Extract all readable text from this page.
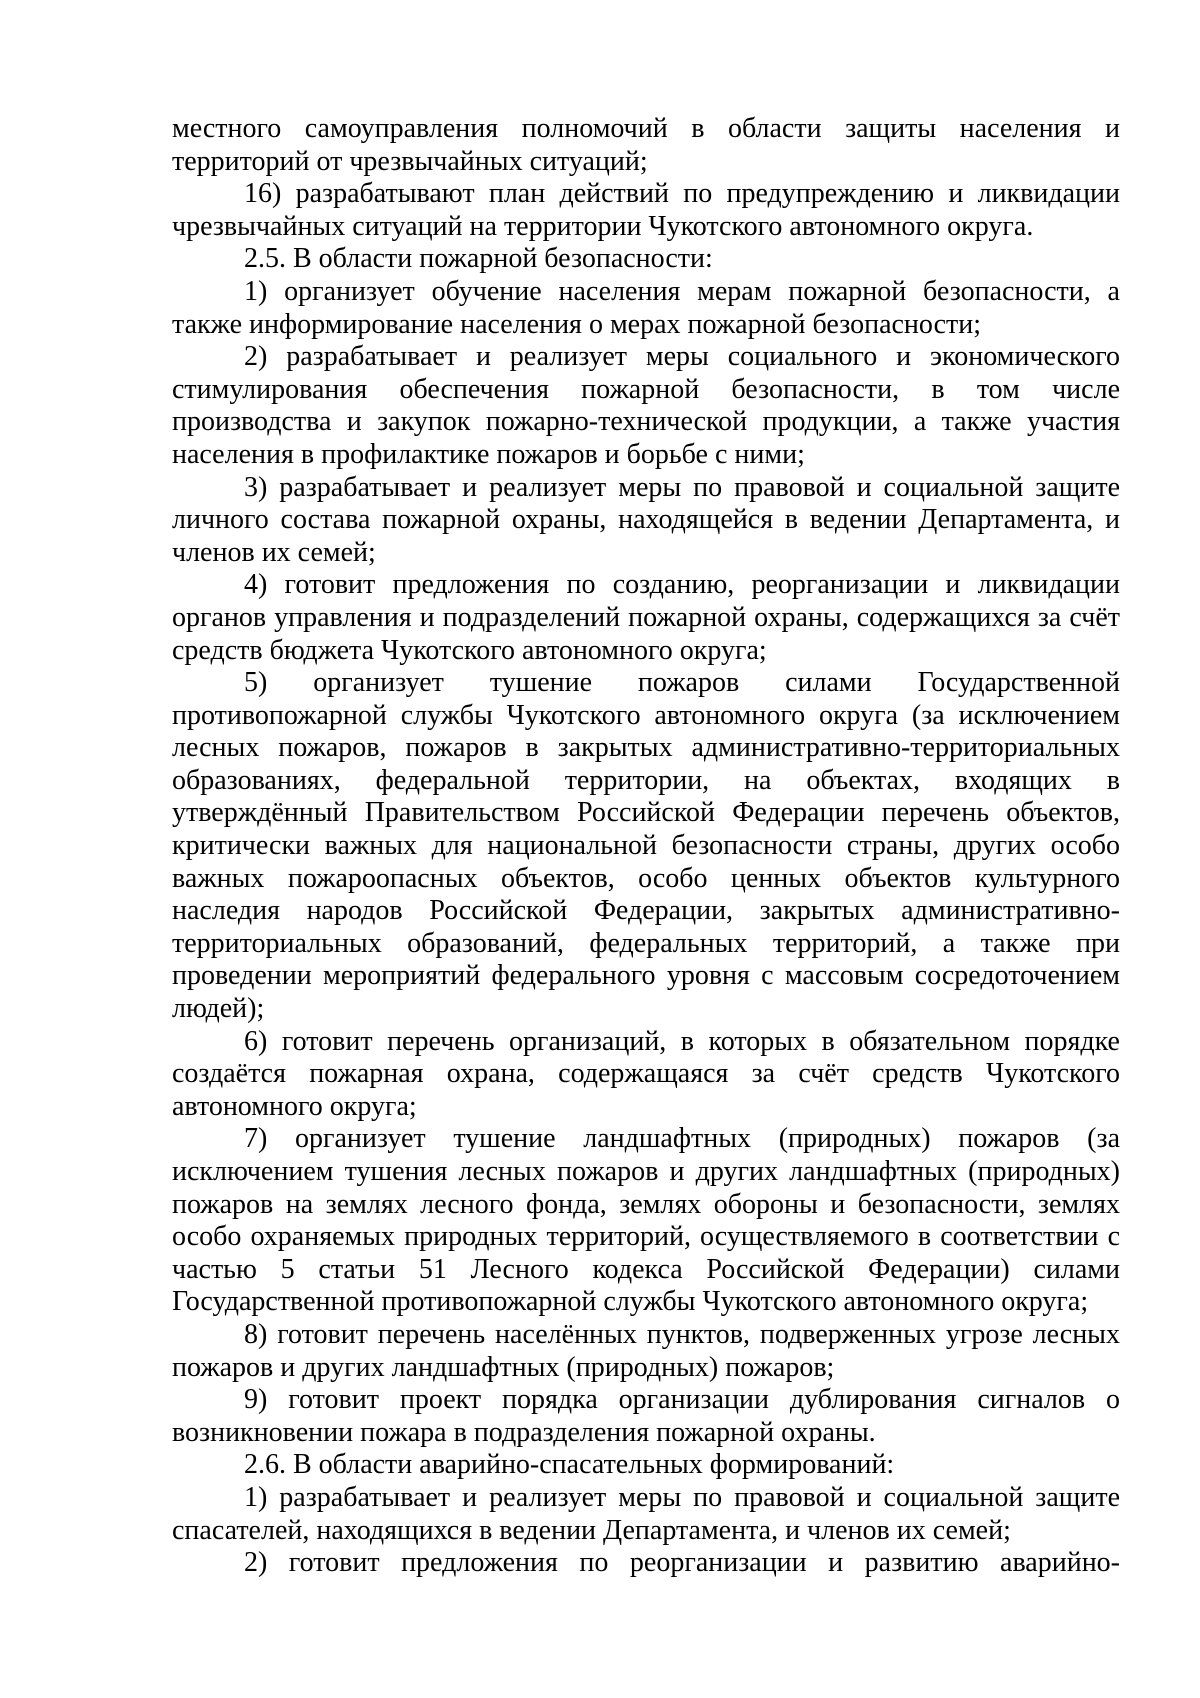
местного самоуправления полномочий в области защиты населения и территорий от чрезвычайных ситуаций;

16) разрабатывают план действий по предупреждению и ликвидации чрезвычайных ситуаций на территории Чукотского автономного округа.

2.5. В области пожарной безопасности:

1) организует обучение населения мерам пожарной безопасности, а также информирование населения о мерах пожарной безопасности;

2) разрабатывает и реализует меры социального и экономического стимулирования обеспечения пожарной безопасности, в том числе производства и закупок пожарно-технической продукции, а также участия населения в профилактике пожаров и борьбе с ними;

3) разрабатывает и реализует меры по правовой и социальной защите личного состава пожарной охраны, находящейся в ведении Департамента, и членов их семей;

4) готовит предложения по созданию, реорганизации и ликвидации органов управления и подразделений пожарной охраны, содержащихся за счёт средств бюджета Чукотского автономного округа;

5) организует тушение пожаров силами Государственной противопожарной службы Чукотского автономного округа (за исключением лесных пожаров, пожаров в закрытых административно-территориальных образованиях, федеральной территории, на объектах, входящих в утверждённый Правительством Российской Федерации перечень объектов, критически важных для национальной безопасности страны, других особо важных пожароопасных объектов, особо ценных объектов культурного наследия народов Российской Федерации, закрытых административно-территориальных образований, федеральных территорий, а также при проведении мероприятий федерального уровня с массовым сосредоточением людей);

6) готовит перечень организаций, в которых в обязательном порядке создаётся пожарная охрана, содержащаяся за счёт средств Чукотского автономного округа;

7) организует тушение ландшафтных (природных) пожаров (за исключением тушения лесных пожаров и других ландшафтных (природных) пожаров на землях лесного фонда, землях обороны и безопасности, землях особо охраняемых природных территорий, осуществляемого в соответствии с частью 5 статьи 51 Лесного кодекса Российской Федерации) силами Государственной противопожарной службы Чукотского автономного округа;

8) готовит перечень населённых пунктов, подверженных угрозе лесных пожаров и других ландшафтных (природных) пожаров;

9) готовит проект порядка организации дублирования сигналов о возникновении пожара в подразделения пожарной охраны.

2.6. В области аварийно-спасательных формирований:

1) разрабатывает и реализует меры по правовой и социальной защите спасателей, находящихся в ведении Департамента, и членов их семей;

2) готовит предложения по реорганизации и развитию аварийно-
